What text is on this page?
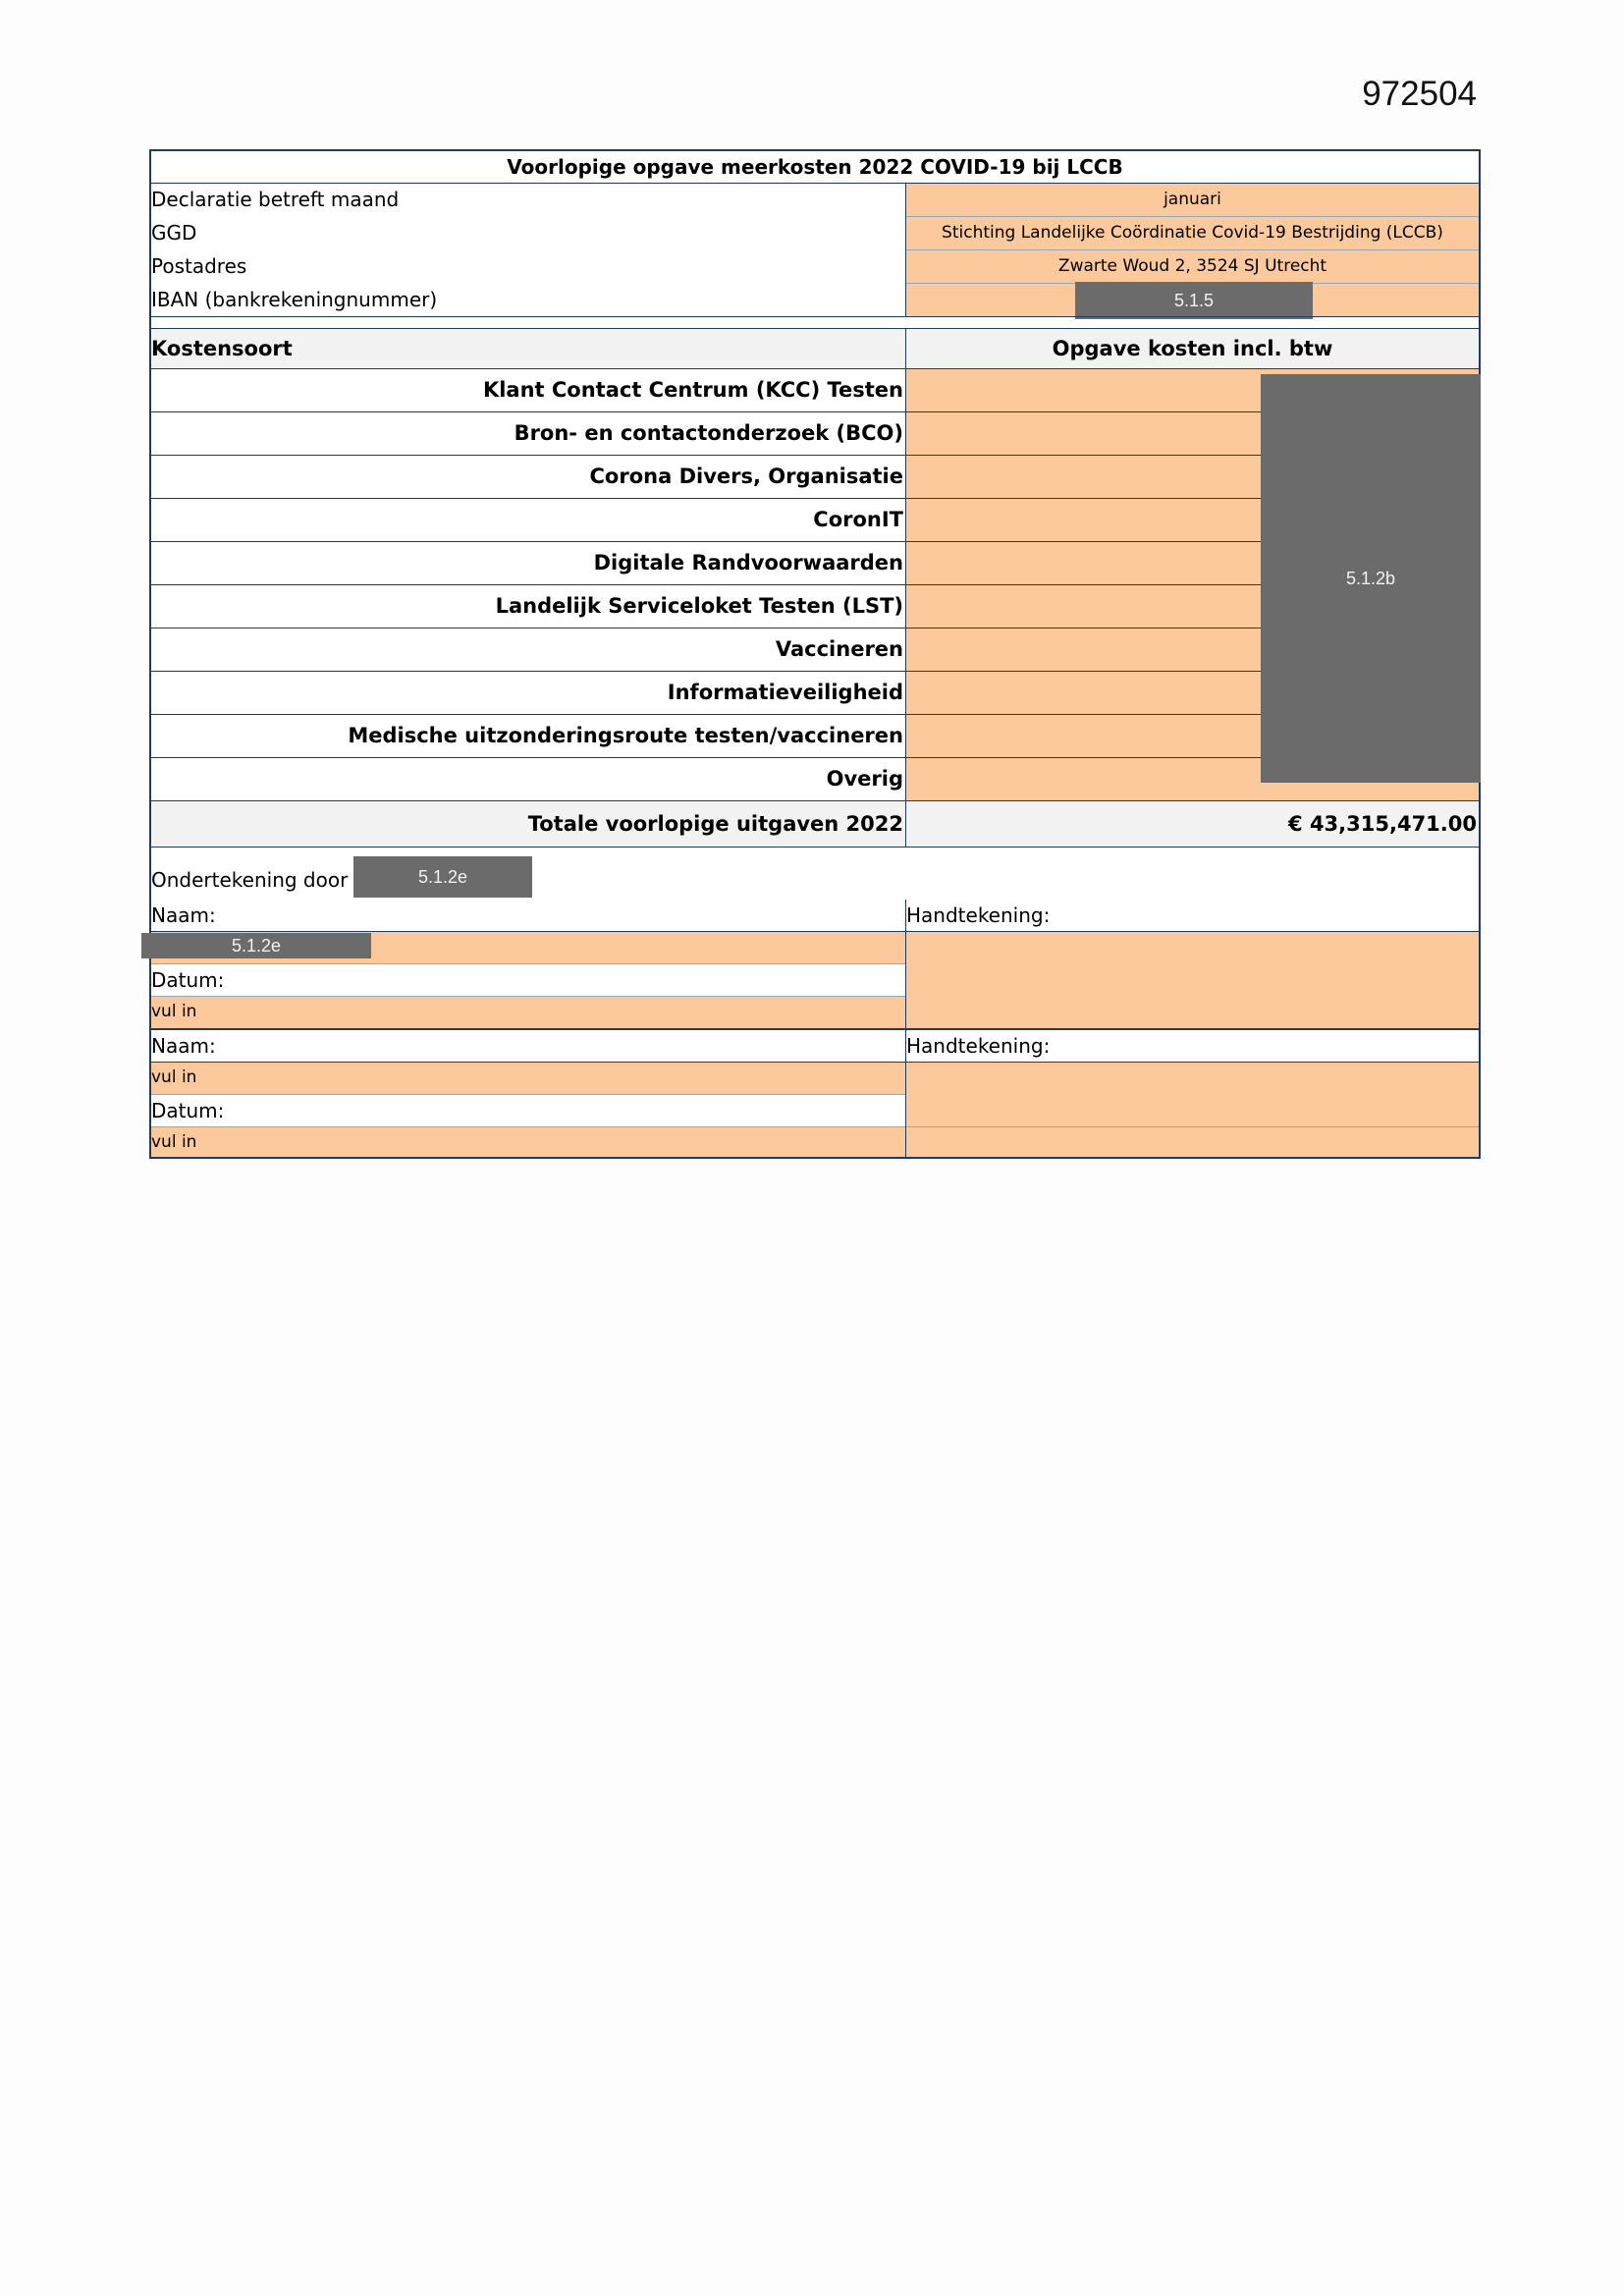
972504
Voorlopige opgave meerkosten 2022 COVID-19 bij LCCB
Declaratie betreft maand	januari
GGD	Stichting Landelijke Coördinatie Covid-19 Bestrijding (LCCB)
Postadres	Zwarte Woud 2, 3524 SJ Utrecht
IBAN (bankrekeningnummer)	5.1.5
Kostensoort	Opgave kosten incl. btw
Klant Contact Centrum (KCC) Testen
Bron- en contactonderzoek (BCO)
Corona Divers, Organisatie
CoronIT
Digitale Randvoorwaarden
Landelijk Serviceloket Testen (LST)
Vaccineren
Informatieveiligheid
Medische uitzonderingsroute testen/vaccineren
Overig
5.1.2b
Totale voorlopige uitgaven 2022	€ 43,315,471.00
Ondertekening door	5.1.2e
Naam:	Handtekening:
5.1.2e
Datum:
vul in
Naam:	Handtekening:
vul in
Datum:
vul in
